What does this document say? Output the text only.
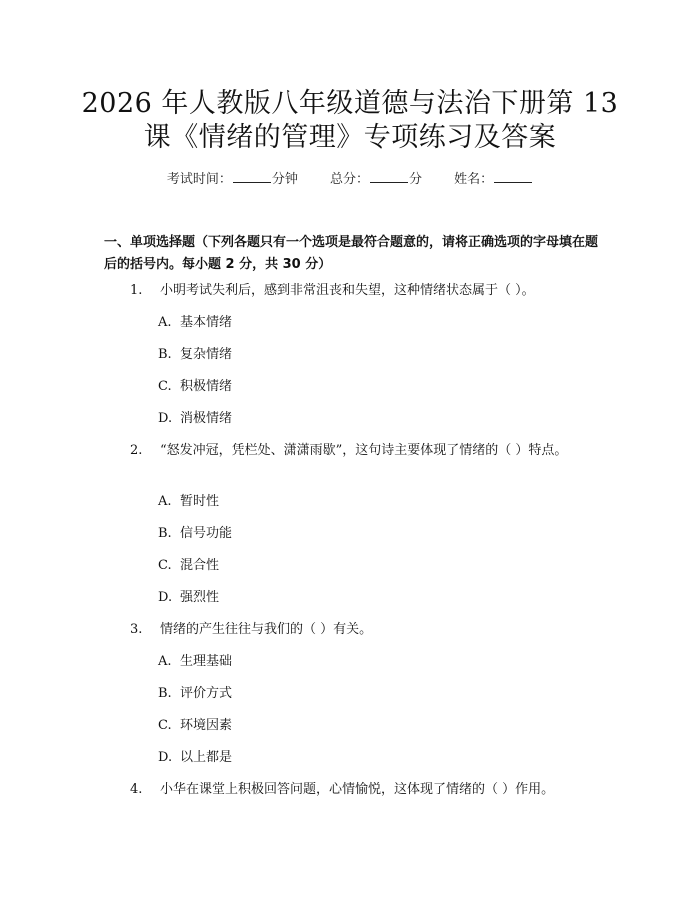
2026 年人教版八年级道德与法治下册第 13
课《情绪的管理》专项练习及答案
考试时间：	分钟 总分：	分 姓名：
一、单项选择题（下列各题只有一个选项是最符合题意的，请将正确选项的字母填在题后的括号内。每小题 2 分，共 30 分）
1. 小明考试失利后，感到非常沮丧和失望，这种情绪状态属于（ ）。
A. 基本情绪
B. 复杂情绪
C. 积极情绪
D. 消极情绪
2. “怒发冲冠，凭栏处、潇潇雨歇”，这句诗主要体现了情绪的（ ）特点。
A. 暂时性
B. 信号功能
C. 混合性
D. 强烈性
3. 情绪的产生往往与我们的（ ）有关。
A. 生理基础
B. 评价方式
C. 环境因素
D. 以上都是
4. 小华在课堂上积极回答问题，心情愉悦，这体现了情绪的（ ）作用。
